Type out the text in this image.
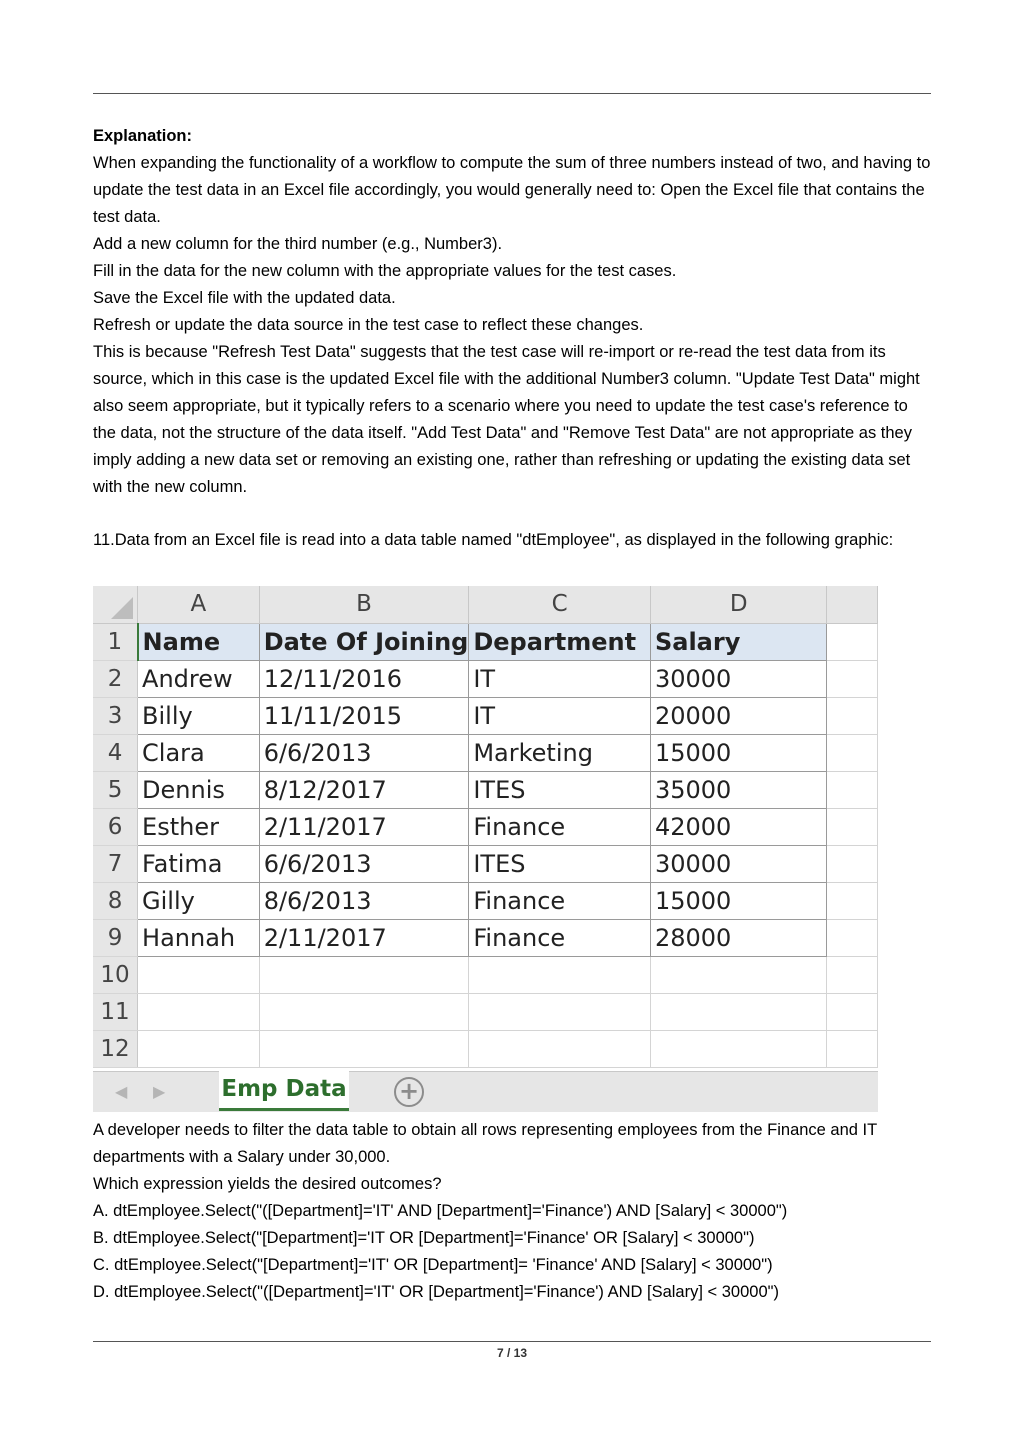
Explanation:

When expanding the functionality of a workflow to compute the sum of three numbers instead of two, and having to update the test data in an Excel file accordingly, you would generally need to: Open the Excel file that contains the test data.

Add a new column for the third number (e.g., Number3).

Fill in the data for the new column with the appropriate values for the test cases.

Save the Excel file with the updated data.

Refresh or update the data source in the test case to reflect these changes.

This is because "Refresh Test Data" suggests that the test case will re-import or re-read the test data from its source, which in this case is the updated Excel file with the additional Number3 column. "Update Test Data" might also seem appropriate, but it typically refers to a scenario where you need to update the test case's reference to the data, not the structure of the data itself. "Add Test Data" and "Remove Test Data" are not appropriate as they imply adding a new data set or removing an existing one, rather than refreshing or updating the existing data set with the new column.

11.Data from an Excel file is read into a data table named "dtEmployee", as displayed in the following graphic:

	A	B	C	D	
1	Name	Date Of Joining	Department	Salary	
2	Andrew	12/11/2016	IT	30000	
3	Billy	11/11/2015	IT	20000	
4	Clara	6/6/2013	Marketing	15000	
5	Dennis	8/12/2017	ITES	35000	
6	Esther	2/11/2017	Finance	42000	
7	Fatima	6/6/2013	ITES	30000	
8	Gilly	8/6/2013	Finance	15000	
9	Hannah	2/11/2017	Finance	28000	
10					
11					
12					
◀ ▶ Emp Data +

A developer needs to filter the data table to obtain all rows representing employees from the Finance and IT departments with a Salary under 30,000.

Which expression yields the desired outcomes?

A. dtEmployee.Select("([Department]='IT' AND [Department]='Finance') AND [Salary] < 30000")

B. dtEmployee.Select("[Department]='IT OR [Department]='Finance' OR [Salary] < 30000")

C. dtEmployee.Select("[Department]='IT' OR [Department]= 'Finance' AND [Salary] < 30000")

D. dtEmployee.Select("([Department]='IT' OR [Department]='Finance') AND [Salary] < 30000")

7 / 13
